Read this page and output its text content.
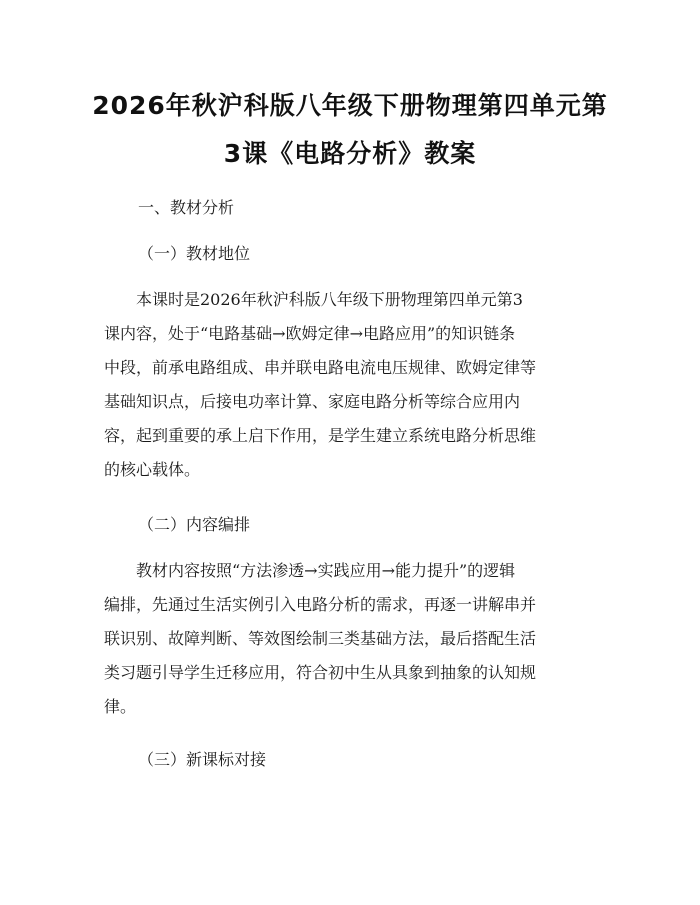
2026年秋沪科版八年级下册物理第四单元第
3课《电路分析》教案
一、教材分析
（一）教材地位
　　本课时是2026年秋沪科版八年级下册物理第四单元第3
课内容，处于“电路基础→欧姆定律→电路应用”的知识链条
中段，前承电路组成、串并联电路电流电压规律、欧姆定律等
基础知识点，后接电功率计算、家庭电路分析等综合应用内
容，起到重要的承上启下作用，是学生建立系统电路分析思维
的核心载体。
（二）内容编排
　　教材内容按照“方法渗透→实践应用→能力提升”的逻辑
编排，先通过生活实例引入电路分析的需求，再逐一讲解串并
联识别、故障判断、等效图绘制三类基础方法，最后搭配生活
类习题引导学生迁移应用，符合初中生从具象到抽象的认知规
律。
（三）新课标对接
